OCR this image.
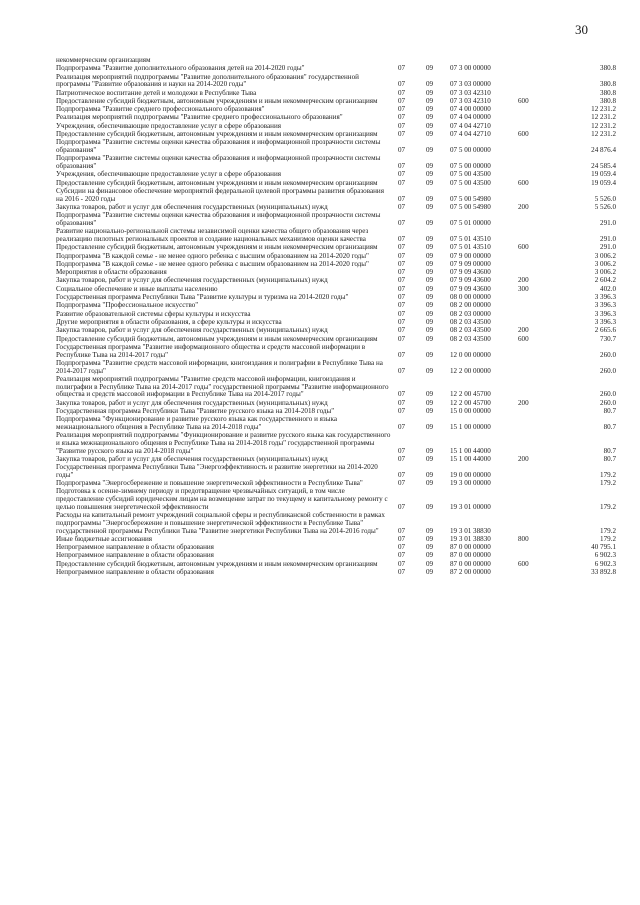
30
некоммерческим организациям
Подпрограмма "Развитие дополнительного образования детей на 2014-2020 годы"	07	09	07 3 00 00000	380.8
Реализация мероприятий подпрограммы "Развитие дополнительного образования" государственной программы "Развитие образования и науки на 2014-2020 годы"	07	09	07 3 03 00000	380.8
Патриотическое воспитание детей и молодежи в Республике Тыва	07	09	07 3 03 42310	380.8
Предоставление субсидий бюджетным, автономным учреждениям и иным некоммерческим организациям	07	09	07 3 03 42310	600	380.8
Подпрограмма "Развитие среднего профессионального образования"	07	09	07 4 00 00000	12 231.2
Реализация мероприятий подпрограммы "Развитие среднего профессионального образования"	07	09	07 4 04 00000	12 231.2
Учреждения, обеспечивающие предоставление услуг в сфере образования	07	09	07 4 04 42710	12 231.2
Предоставление субсидий бюджетным, автономным учреждениям и иным некоммерческим организациям	07	09	07 4 04 42710	600	12 231.2
Подпрограмма "Развитие системы оценки качества образования и информационной прозрачности системы образования"	07	09	07 5 00 00000	24 876.4
Подпрограмма "Развитие системы оценки качества образования и информационной прозрачности системы образования"	07	09	07 5 00 00000	24 585.4
Учреждения, обеспечивающие предоставление услуг в сфере образования	07	09	07 5 00 43500	19 059.4
Предоставление субсидий бюджетным, автономным учреждениям и иным некоммерческим организациям	07	09	07 5 00 43500	600	19 059.4
Субсидии на финансовое обеспечение мероприятий федеральной целевой программы развития образования на 2016 - 2020 годы	07	09	07 5 00 54980	5 526.0
Закупка товаров, работ и услуг для обеспечения государственных (муниципальных) нужд	07	09	07 5 00 54980	200	5 526.0
Подпрограмма "Развитие системы оценки качества образования и информационной прозрачности системы образования"	07	09	07 5 01 00000	291.0
Развитие национально-региональной системы независимой оценки качества общего образования через реализацию пилотных региональных проектов и создание национальных механизмов оценки качества	07	09	07 5 01 43510	291.0
Предоставление субсидий бюджетным, автономным учреждениям и иным некоммерческим организациям	07	09	07 5 01 43510	600	291.0
Подпрограмма "В каждой семье - не менее одного ребенка с высшим образованием на 2014-2020 годы"	07	09	07 9 00 00000	3 006.2
Подпрограмма "В каждой семье - не менее одного ребенка с высшим образованием на 2014-2020 годы"	07	09	07 9 09 00000	3 006.2
Мероприятия в области образования	07	09	07 9 09 43600	3 006.2
Закупка товаров, работ и услуг для обеспечения государственных (муниципальных) нужд	07	09	07 9 09 43600	200	2 604.2
Социальное обеспечение и иные выплаты населению	07	09	07 9 09 43600	300	402.0
Государственная программа Республики Тыва "Развитие культуры и туризма на 2014-2020 годы"	07	09	08 0 00 00000	3 396.3
Подпрограмма "Профессиональное искусство"	07	09	08 2 00 00000	3 396.3
Развитие образовательной системы сферы культуры и искусства	07	09	08 2 03 00000	3 396.3
Другие мероприятия в области образования, в сфере культуры и искусства	07	09	08 2 03 43500	3 396.3
Закупка товаров, работ и услуг для обеспечения государственных (муниципальных) нужд	07	09	08 2 03 43500	200	2 665.6
Предоставление субсидий бюджетным, автономным учреждениям и иным некоммерческим организациям	07	09	08 2 03 43500	600	730.7
Государственная программа "Развитие информационного общества и средств массовой информации в Республике Тыва на 2014-2017 годы"	07	09	12 0 00 00000	260.0
Подпрограмма "Развитие средств массовой информации, книгоиздания и полиграфии в Республике Тыва на 2014-2017 годы"	07	09	12 2 00 00000	260.0
Реализация мероприятий подпрограммы "Развитие средств массовой информации, книгоиздания и полиграфии в Республике Тыва на 2014-2017 годы" государственной программы "Развитие информационного общества и средств массовой информации в Республике Тыва на 2014-2017 годы"	07	09	12 2 00 45700	260.0
Закупка товаров, работ и услуг для обеспечения государственных (муниципальных) нужд	07	09	12 2 00 45700	200	260.0
Государственная программа Республики Тыва "Развитие русского языка на 2014-2018 годы"	07	09	15 0 00 00000	80.7
Подпрограмма "Функционирование и развитие русского языка как государственного и языка межнационального общения в Республике Тыва на 2014-2018 годы"	07	09	15 1 00 00000	80.7
Реализация мероприятий подпрограммы "Функционирование и развитие русского языка как государственного и языка межнационального общения в Республике Тыва на 2014-2018 годы" государственной программы "Развитие русского языка на 2014-2018 годы"	07	09	15 1 00 44000	80.7
Закупка товаров, работ и услуг для обеспечения государственных (муниципальных) нужд	07	09	15 1 00 44000	200	80.7
Государственная программа Республики Тыва "Энергоэффективность и развитие энергетики на 2014-2020 годы"	07	09	19 0 00 00000	179.2
Подпрограмма "Энергосбережение и повышение энергетической эффективности в Республике Тыва"	07	09	19 3 00 00000	179.2
Подготовка к осенне-зимнему периоду и предотвращение чрезвычайных ситуаций, в том числе предоставление субсидий юридическим лицам на возмещение затрат по текущему и капитальному ремонту с целью повышения энергетической эффективности	07	09	19 3 01 00000	179.2
Расходы на капитальный ремонт учреждений социальной сферы и республиканской собственности в рамках подпрограммы "Энергосбережение и повышение энергетической эффективности в Республике Тыва" государственной программы Республики Тыва "Развитие энергетики Республики Тыва на 2014-2016 годы"	07	09	19 3 01 38830	179.2
Иные бюджетные ассигнования	07	09	19 3 01 38830	800	179.2
Непрограммное направление в области образования	07	09	87 0 00 00000	40 795.1
Непрограммное направление в области образования	07	09	87 0 00 00000	6 902.3
Предоставление субсидий бюджетным, автономным учреждениям и иным некоммерческим организациям	07	09	87 0 00 00000	600	6 902.3
Непрограммное направление в области образования	07	09	87 2 00 00000	33 892.8
